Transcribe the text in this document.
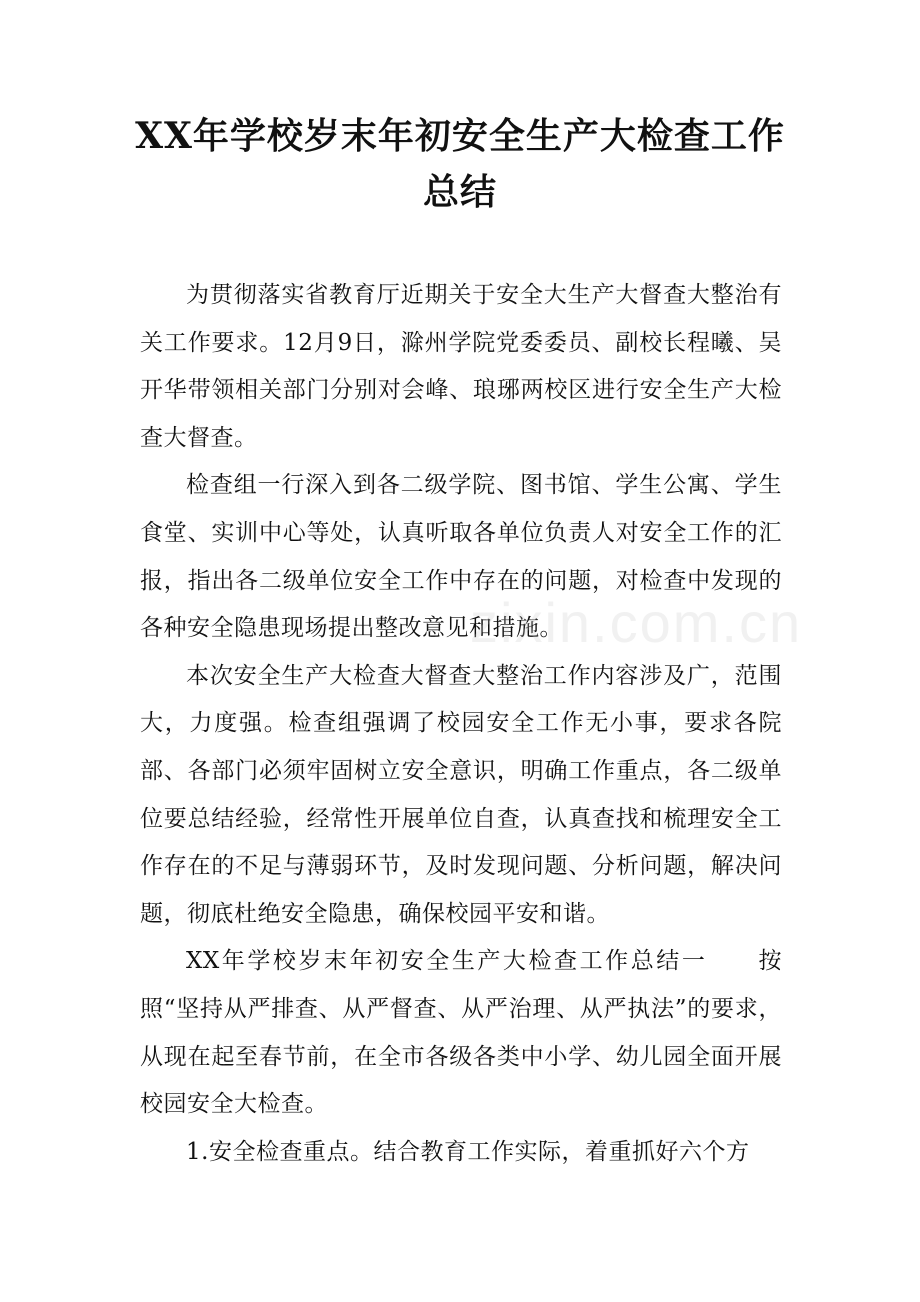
XX年学校岁末年初安全生产大检查工作
总结

为贯彻落实省教育厅近期关于安全大生产大督查大整治有关工作要求。12月9日，滁州学院党委委员、副校长程曦、吴开华带领相关部门分别对会峰、琅琊两校区进行安全生产大检查大督查。

检查组一行深入到各二级学院、图书馆、学生公寓、学生食堂、实训中心等处，认真听取各单位负责人对安全工作的汇报，指出各二级单位安全工作中存在的问题，对检查中发现的各种安全隐患现场提出整改意见和措施。

本次安全生产大检查大督查大整治工作内容涉及广，范围大，力度强。检查组强调了校园安全工作无小事，要求各院部、各部门必须牢固树立安全意识，明确工作重点，各二级单位要总结经验，经常性开展单位自查，认真查找和梳理安全工作存在的不足与薄弱环节，及时发现问题、分析问题，解决问题，彻底杜绝安全隐患，确保校园平安和谐。

XX年学校岁末年初安全生产大检查工作总结一　　按照“坚持从严排查、从严督查、从严治理、从严执法”的要求，从现在起至春节前，在全市各级各类中小学、幼儿园全面开展校园安全大检查。

1.安全检查重点。结合教育工作实际，着重抓好六个方

zixin.com.cn
